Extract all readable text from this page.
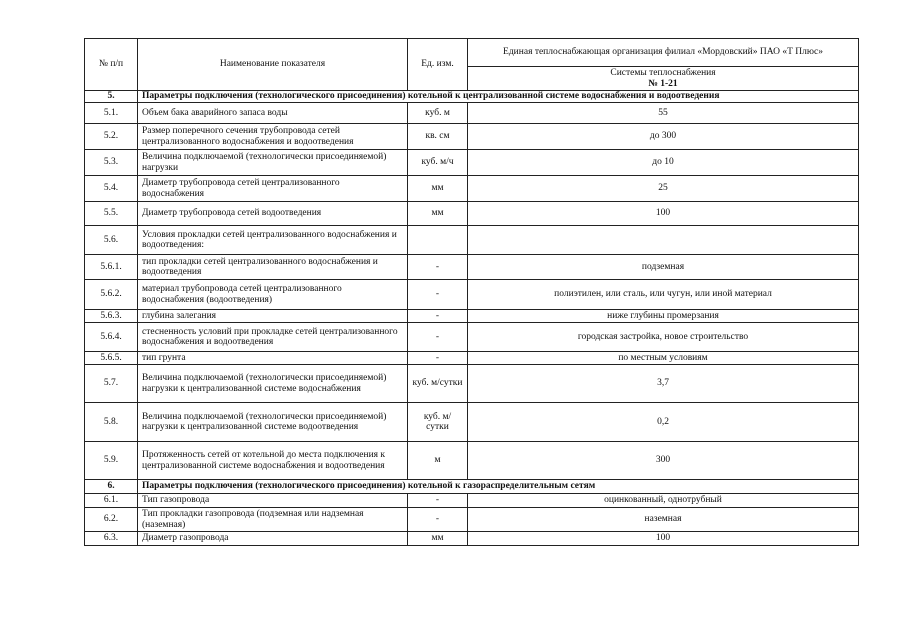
№ п/п	Наименование показателя	Ед. изм.	Единая теплоснабжающая организация филиал «Мордовский» ПАО «Т Плюс»

			Системы теплоснабжения
№ 1-21

5.	Параметры подключения (технологического присоединения) котельной к централизованной системе водоснабжения и водоотведения		
5.1.	Объем бака аварийного запаса воды	куб. м	55
5.2.	Размер поперечного сечения трубопровода сетей централизованного водоснабжения и водоотведения	кв. см	до 300
5.3.	Величина подключаемой (технологически присоединяемой) нагрузки	куб. м/ч	до 10
5.4.	Диаметр трубопровода сетей централизованного водоснабжения	мм	25
5.5.	Диаметр трубопровода сетей водоотведения	мм	100
5.6.	Условия прокладки сетей централизованного водоснабжения и водоотведения:		
5.6.1.	тип прокладки сетей централизованного водоснабжения и водоотведения	-	подземная
5.6.2.	материал трубопровода сетей централизованного водоснабжения (водоотведения)	-	полиэтилен, или сталь, или чугун, или иной материал
5.6.3.	глубина залегания	-	ниже глубины промерзания
5.6.4.	стесненность условий при прокладке сетей централизованного водоснабжения и водоотведения	-	городская застройка, новое строительство
5.6.5.	тип грунта	-	по местным условиям
5.7.	Величина подключаемой (технологически присоединяемой) нагрузки к централизованной системе водоснабжения	куб. м/сутки	3,7
5.8.	Величина подключаемой (технологически присоединяемой) нагрузки к централизованной системе водоотведения	куб. м/ сутки	0,2
5.9.	Протяженность сетей от котельной до места подключения к централизованной системе водоснабжения и водоотведения	м	300
6.	Параметры подключения (технологического присоединения) котельной к газораспределительным сетям		
6.1.	Тип газопровода	-	оцинкованный, однотрубный
6.2.	Тип прокладки газопровода (подземная или надземная (наземная)	-	наземная
6.3.	Диаметр газопровода	мм	100
